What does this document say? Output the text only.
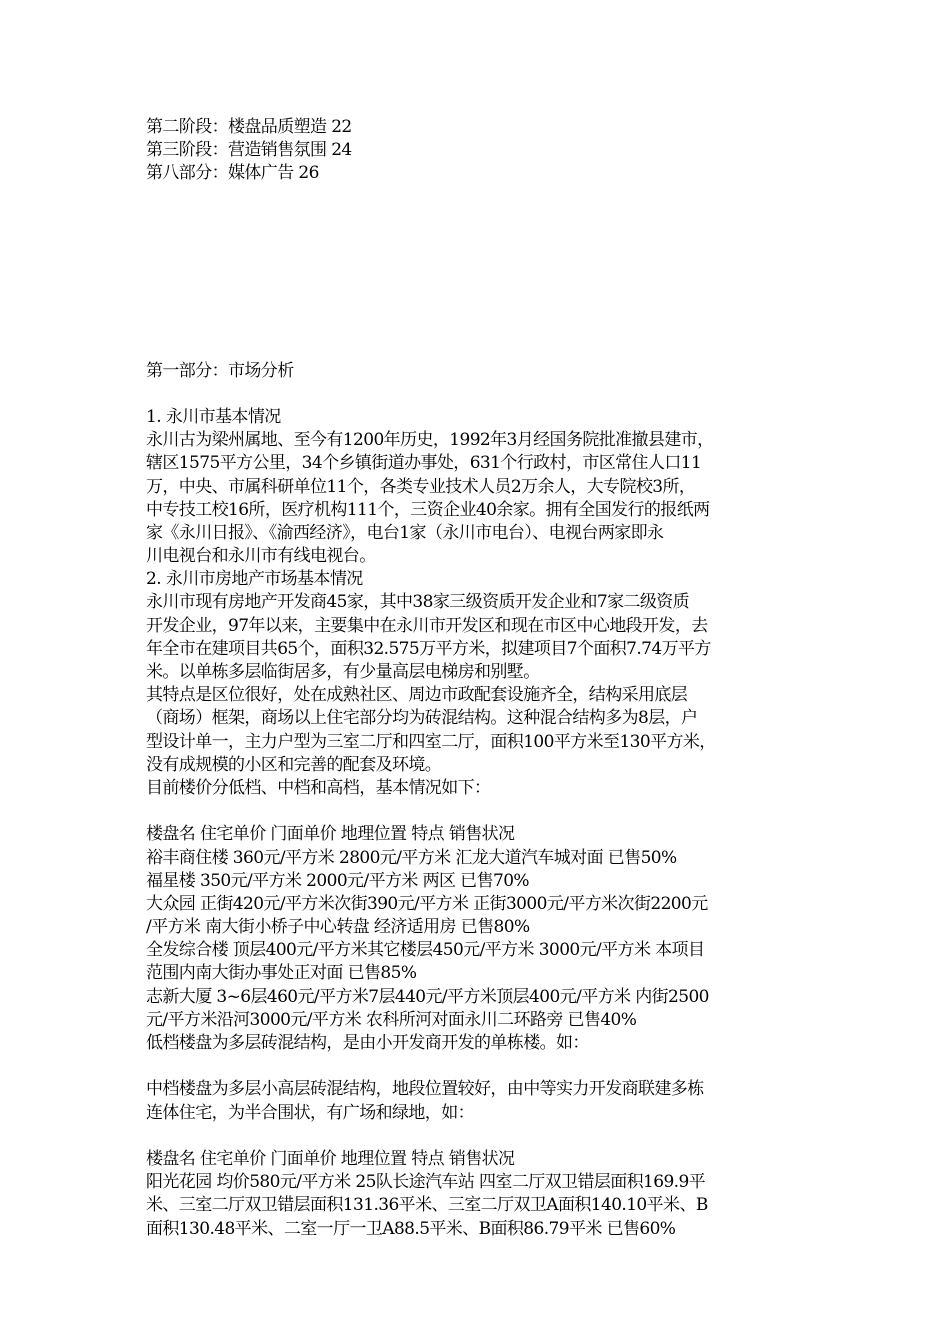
第二阶段：楼盘品质塑造 22
第三阶段：营造销售氛围 24
第八部分：媒体广告 26
第一部分：市场分析
1. 永川市基本情况
永川古为梁州属地、至今有1200年历史，1992年3月经国务院批准撤县建市，
辖区1575平方公里，34个乡镇街道办事处，631个行政村，市区常住人口11
万，中央、市属科研单位11个，各类专业技术人员2万余人，大专院校3所，
中专技工校16所，医疗机构111个，三资企业40余家。拥有全国发行的报纸两
家《永川日报》、《渝西经济》，电台1家（永川市电台）、电视台两家即永
川电视台和永川市有线电视台。
2. 永川市房地产市场基本情况
永川市现有房地产开发商45家，其中38家三级资质开发企业和7家二级资质
开发企业，97年以来，主要集中在永川市开发区和现在市区中心地段开发，去
年全市在建项目共65个，面积32.575万平方米，拟建项目7个面积7.74万平方
米。以单栋多层临街居多，有少量高层电梯房和别墅。
其特点是区位很好，处在成熟社区、周边市政配套设施齐全，结构采用底层
（商场）框架，商场以上住宅部分均为砖混结构。这种混合结构多为8层，户
型设计单一，主力户型为三室二厅和四室二厅，面积100平方米至130平方米，
没有成规模的小区和完善的配套及环境。
目前楼价分低档、中档和高档，基本情况如下：
楼盘名 住宅单价 门面单价 地理位置 特点 销售状况
裕丰商住楼 360元/平方米 2800元/平方米 汇龙大道汽车城对面 已售50%
福星楼 350元/平方米 2000元/平方米 两区 已售70%
大众园 正街420元/平方米次街390元/平方米 正街3000元/平方米次街2200元
/平方米 南大街小桥子中心转盘 经济适用房 已售80%
全发综合楼 顶层400元/平方米其它楼层450元/平方米 3000元/平方米 本项目
范围内南大街办事处正对面 已售85%
志新大厦 3~6层460元/平方米7层440元/平方米顶层400元/平方米 内街2500
元/平方米沿河3000元/平方米 农科所河对面永川二环路旁 已售40%
低档楼盘为多层砖混结构，是由小开发商开发的单栋楼。如：
中档楼盘为多层小高层砖混结构，地段位置较好，由中等实力开发商联建多栋
连体住宅，为半合围状，有广场和绿地，如：
楼盘名 住宅单价 门面单价 地理位置 特点 销售状况
阳光花园 均价580元/平方米 25队长途汽车站 四室二厅双卫错层面积169.9平
米、三室二厅双卫错层面积131.36平米、三室二厅双卫A面积140.10平米、B
面积130.48平米、二室一厅一卫A88.5平米、B面积86.79平米 已售60%
